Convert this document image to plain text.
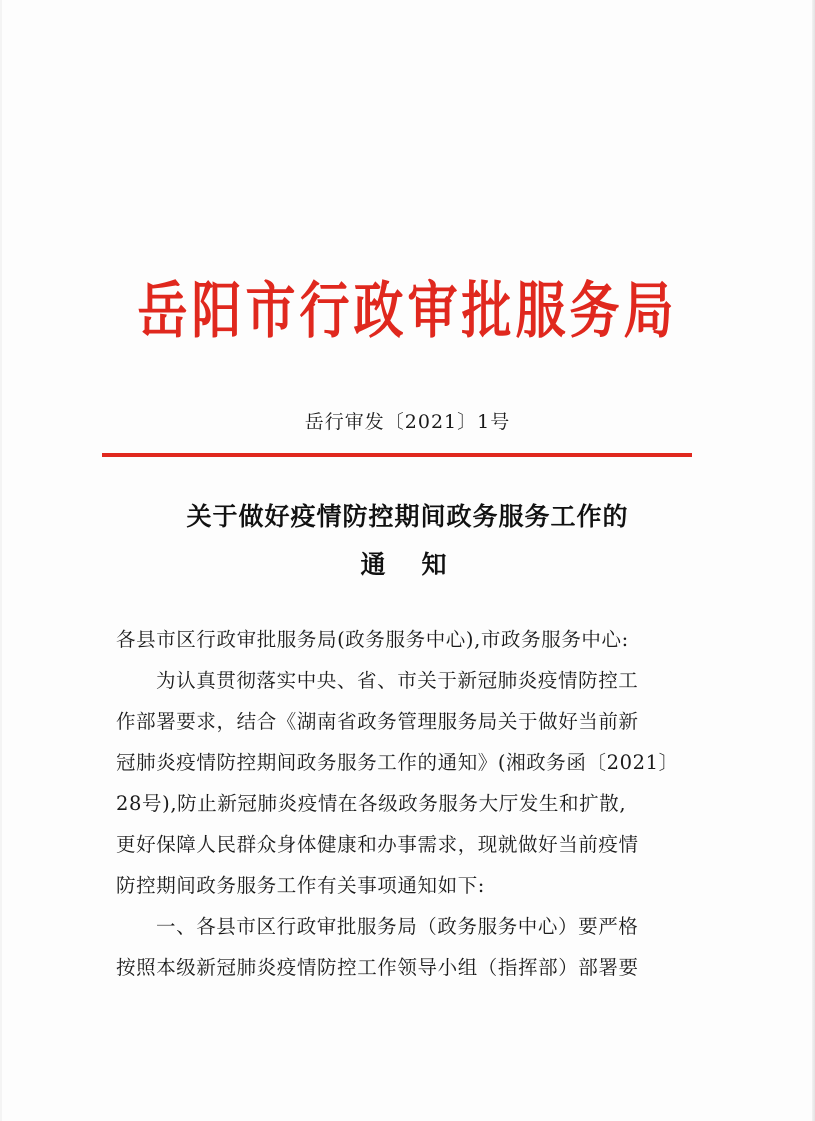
岳阳市行政审批服务局
岳行审发〔2021〕1号
关于做好疫情防控期间政务服务工作的
通知
各县市区行政审批服务局(政务服务中心),市政务服务中心:
为认真贯彻落实中央、省、市关于新冠肺炎疫情防控工
作部署要求，结合《湖南省政务管理服务局关于做好当前新
冠肺炎疫情防控期间政务服务工作的通知》(湘政务函〔2021〕
28号),防止新冠肺炎疫情在各级政务服务大厅发生和扩散,
更好保障人民群众身体健康和办事需求，现就做好当前疫情
防控期间政务服务工作有关事项通知如下:
一、各县市区行政审批服务局（政务服务中心）要严格
按照本级新冠肺炎疫情防控工作领导小组（指挥部）部署要
